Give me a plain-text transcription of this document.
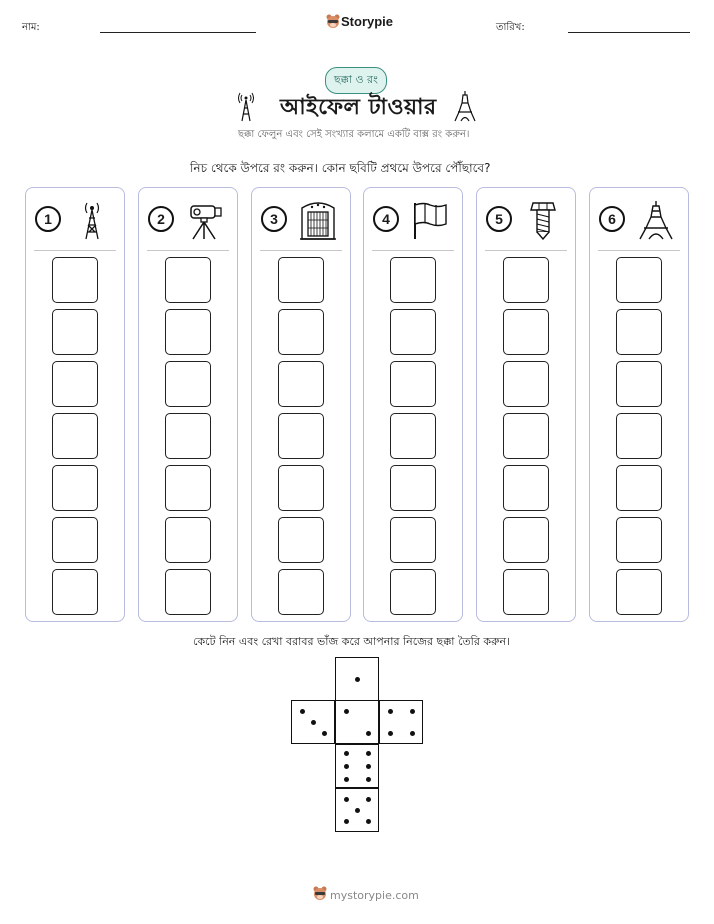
নাম:	Storypie	তারিখ:
ছক্কা ও রং
আইফেল টাওয়ার
ছক্কা ফেলুন এবং সেই সংখ্যার কলামে একটি বাক্স রং করুন।
নিচ থেকে উপরে রং করুন। কোন ছবিটি প্রথমে উপরে পৌঁছাবে?
1	2	3	4	5	6
কেটে নিন এবং রেখা বরাবর ভাঁজ করে আপনার নিজের ছক্কা তৈরি করুন।
mystorypie.com
